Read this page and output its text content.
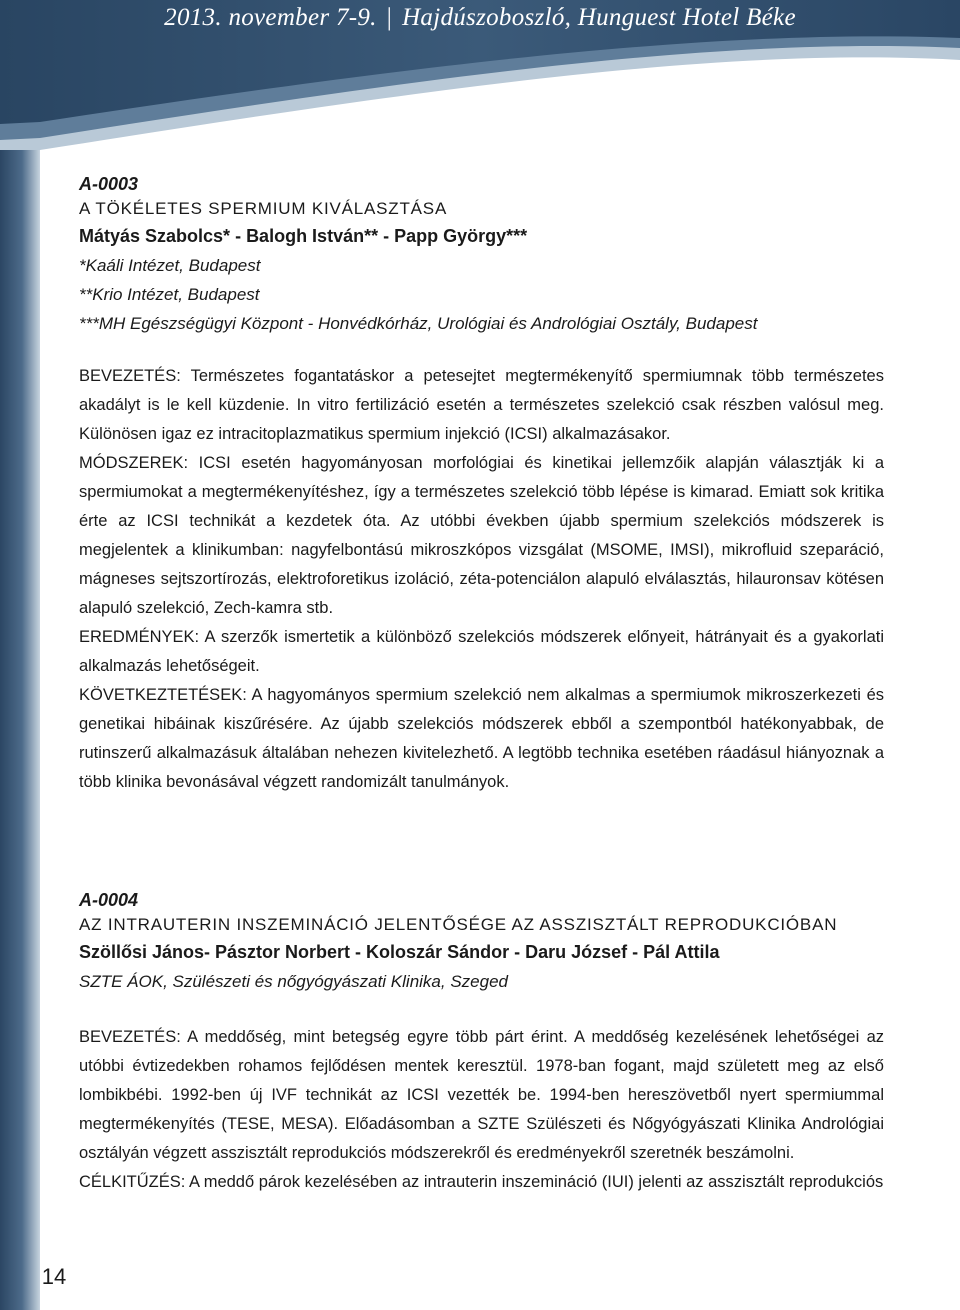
2013. november 7-9. | Hajdúszoboszló, Hunguest Hotel Béke
A-0003
A TÖKÉLETES SPERMIUM KIVÁLASZTÁSA
Mátyás Szabolcs* - Balogh István** - Papp György***
*Kaáli Intézet, Budapest
**Krio Intézet, Budapest
***MH Egészségügyi Központ - Honvédkórház, Urológiai és Andrológiai Osztály, Budapest
BEVEZETÉS: Természetes fogantatáskor a petesejtet megtermékenyítő spermiumnak több természetes akadályt is le kell küzdenie. In vitro fertilizáció esetén a természetes szelekció csak részben valósul meg. Különösen igaz ez intracitoplazmatikus spermium injekció (ICSI) alkalmazásakor.
MÓDSZEREK: ICSI esetén hagyományosan morfológiai és kinetikai jellemzőik alapján választják ki a spermiumokat a megtermékenyítéshez, így a természetes szelekció több lépése is kimarad. Emiatt sok kritika érte az ICSI technikát a kezdetek óta. Az utóbbi években újabb spermium szelekciós módszerek is megjelentek a klinikumban: nagyfelbontású mikroszkópos vizsgálat (MSOME, IMSI), mikrofluid szeparáció, mágneses sejtszortírozás, elektroforetikus izoláció, zéta-potenciálon alapuló elválasztás, hilauronsav kötésen alapuló szelekció, Zech-kamra stb.
EREDMÉNYEK: A szerzők ismertetik a különböző szelekciós módszerek előnyeit, hátrányait és a gyakorlati alkalmazás lehetőségeit.
KÖVETKEZTETÉSEK: A hagyományos spermium szelekció nem alkalmas a spermiumok mikroszerkezeti és genetikai hibáinak kiszűrésére. Az újabb szelekciós módszerek ebből a szempontból hatékonyabbak, de rutinszerű alkalmazásuk általában nehezen kivitelezhető. A legtöbb technika esetében ráadásul hiányoznak a több klinika bevonásával végzett randomizált tanulmányok.
A-0004
AZ INTRAUTERIN INSZEMINÁCIÓ JELENTŐSÉGE AZ ASSZISZTÁLT REPRODUKCIÓBAN
Szöllősi János- Pásztor Norbert - Koloszár Sándor - Daru József - Pál Attila
SZTE ÁOK, Szülészeti és nőgyógyászati Klinika, Szeged
BEVEZETÉS: A meddőség, mint betegség egyre több párt érint. A meddőség kezelésének lehetőségei az utóbbi évtizedekben rohamos fejlődésen mentek keresztül. 1978-ban fogant, majd született meg az első lombikbébi. 1992-ben új IVF technikát az ICSI vezették be. 1994-ben hereszövetből nyert spermiummal megtermékenyítés (TESE, MESA). Előadásomban a SZTE Szülészeti és Nőgyógyászati Klinika Andrológiai osztályán végzett asszisztált reprodukciós módszerekről és eredményekről szeretnék beszámolni.
CÉLKITŰZÉS: A meddő párok kezelésében az intrauterin inszemináció (IUI) jelenti az asszisztált reprodukciós
14
